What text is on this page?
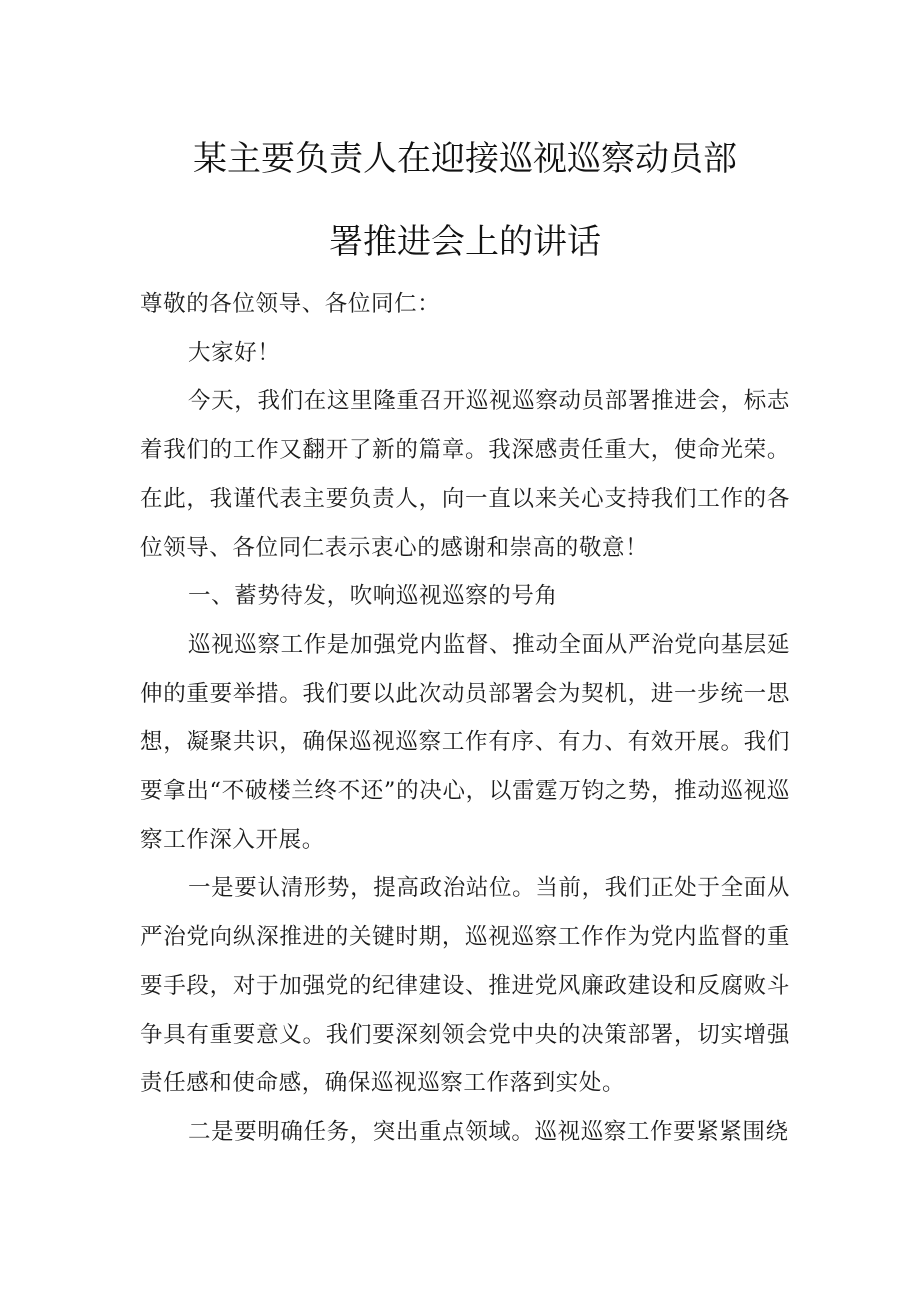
某主要负责人在迎接巡视巡察动员部
署推进会上的讲话

尊敬的各位领导、各位同仁：

大家好！

今天，我们在这里隆重召开巡视巡察动员部署推进会，标志着我们的工作又翻开了新的篇章。我深感责任重大，使命光荣。在此，我谨代表主要负责人，向一直以来关心支持我们工作的各位领导、各位同仁表示衷心的感谢和崇高的敬意！

一、蓄势待发，吹响巡视巡察的号角

巡视巡察工作是加强党内监督、推动全面从严治党向基层延伸的重要举措。我们要以此次动员部署会为契机，进一步统一思想，凝聚共识，确保巡视巡察工作有序、有力、有效开展。我们要拿出“不破楼兰终不还”的决心，以雷霆万钧之势，推动巡视巡察工作深入开展。

一是要认清形势，提高政治站位。当前，我们正处于全面从严治党向纵深推进的关键时期，巡视巡察工作作为党内监督的重要手段，对于加强党的纪律建设、推进党风廉政建设和反腐败斗争具有重要意义。我们要深刻领会党中央的决策部署，切实增强责任感和使命感，确保巡视巡察工作落到实处。

二是要明确任务，突出重点领域。巡视巡察工作要紧紧围绕
